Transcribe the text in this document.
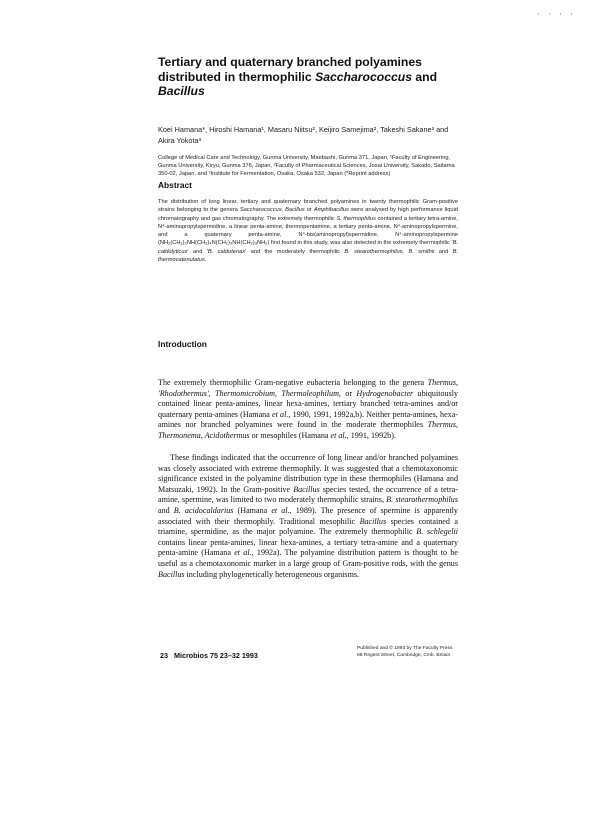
· · · ·
Tertiary and quaternary branched polyamines
distributed in thermophilic Saccharococcus and
Bacillus

Koei Hamana*, Hiroshi Hamana¹, Masaru Niitsu², Keijiro Samejima², Takeshi Sakane³ and Akira Yokota³

College of Medical Care and Technology, Gunma University, Maebashi, Gunma 371, Japan, ¹Faculty of Engineering, Gunma University, Kiryu, Gunma 376, Japan, ²Faculty of Pharmaceutical Sciences, Josai University, Sakado, Saitama 350-02, Japan, and ³Institute for Fermentation, Osaka, Osaka 532, Japan (*Reprint address)

Abstract

The distribution of long linear, tertiary and quaternary branched polyamines in twenty thermophilic Gram-positive strains belonging to the genera Saccharococcus, Bacillus or Amphibacillus were analysed by high performance liquid chromatography and gas chromatography. The extremely thermophilic S. thermophilus contained a tertiary tetra-amine, N⁴-aminopropylspermidine, a linear penta-amine, thermopentamine, a tertiary penta-amine, N⁴-aminopropylspermine, and a quaternary penta-amine, N⁴-bis(aminopropyl)spermidine. N⁴-aminopropylspermine (NH₂(CH₂)₃NH(CH₂)₄N(CH₂)₃NH(CH₂)₃NH₂) first found in this study, was also detected in the extremely thermophilic 'B. caldolyticus' and 'B. caldotenax' and the moderately thermophilic B. stearothermophilus, B. smithii and B. thermocatenulatus.

Introduction

The extremely thermophilic Gram-negative eubacteria belonging to the genera Thermus, 'Rhodothermus', Thermomicrobium, Thermoleophilum, or Hydrogenobacter ubiquitously contained linear penta-amines, linear hexa-amines, tertiary branched tetra-amines and/or quaternary penta-amines (Hamana et al., 1990, 1991, 1992a,b). Neither penta-amines, hexa-amines nor branched polyamines were found in the moderate thermophiles Thermus, Thermonema, Acidothermus or mesophiles (Hamana et al., 1991, 1992b).

These findings indicated that the occurrence of long linear and/or branched polyamines was closely associated with extreme thermophily. It was suggested that a chemotaxonomic significance existed in the polyamine distribution type in these thermophiles (Hamana and Matsuzaki, 1992). In the Gram-positive Bacillus species tested, the occurrence of a tetra-amine, spermine, was limited to two moderately thermophilic strains, B. stearothermophilus and B. acidocaldarius (Hamana et al., 1989). The presence of spermine is apparently associated with their thermophily. Traditional mesophilic Bacillus species contained a triamine, spermidine, as the major polyamine. The extremely thermophilic B. schlegelii contains linear penta-amines, linear hexa-amines, a tertiary tetra-amine and a quaternary penta-amine (Hamana et al., 1992a). The polyamine distribution pattern is thought to be useful as a chemotaxonomic marker in a large group of Gram-positive rods, with the genus Bacillus including phylogenetically heterogeneous organisms.

23 Microbios 75 23–32 1993
Published and © 1993 by The Faculty Press
88 Regent Street, Cambridge, Cmb. Britain
